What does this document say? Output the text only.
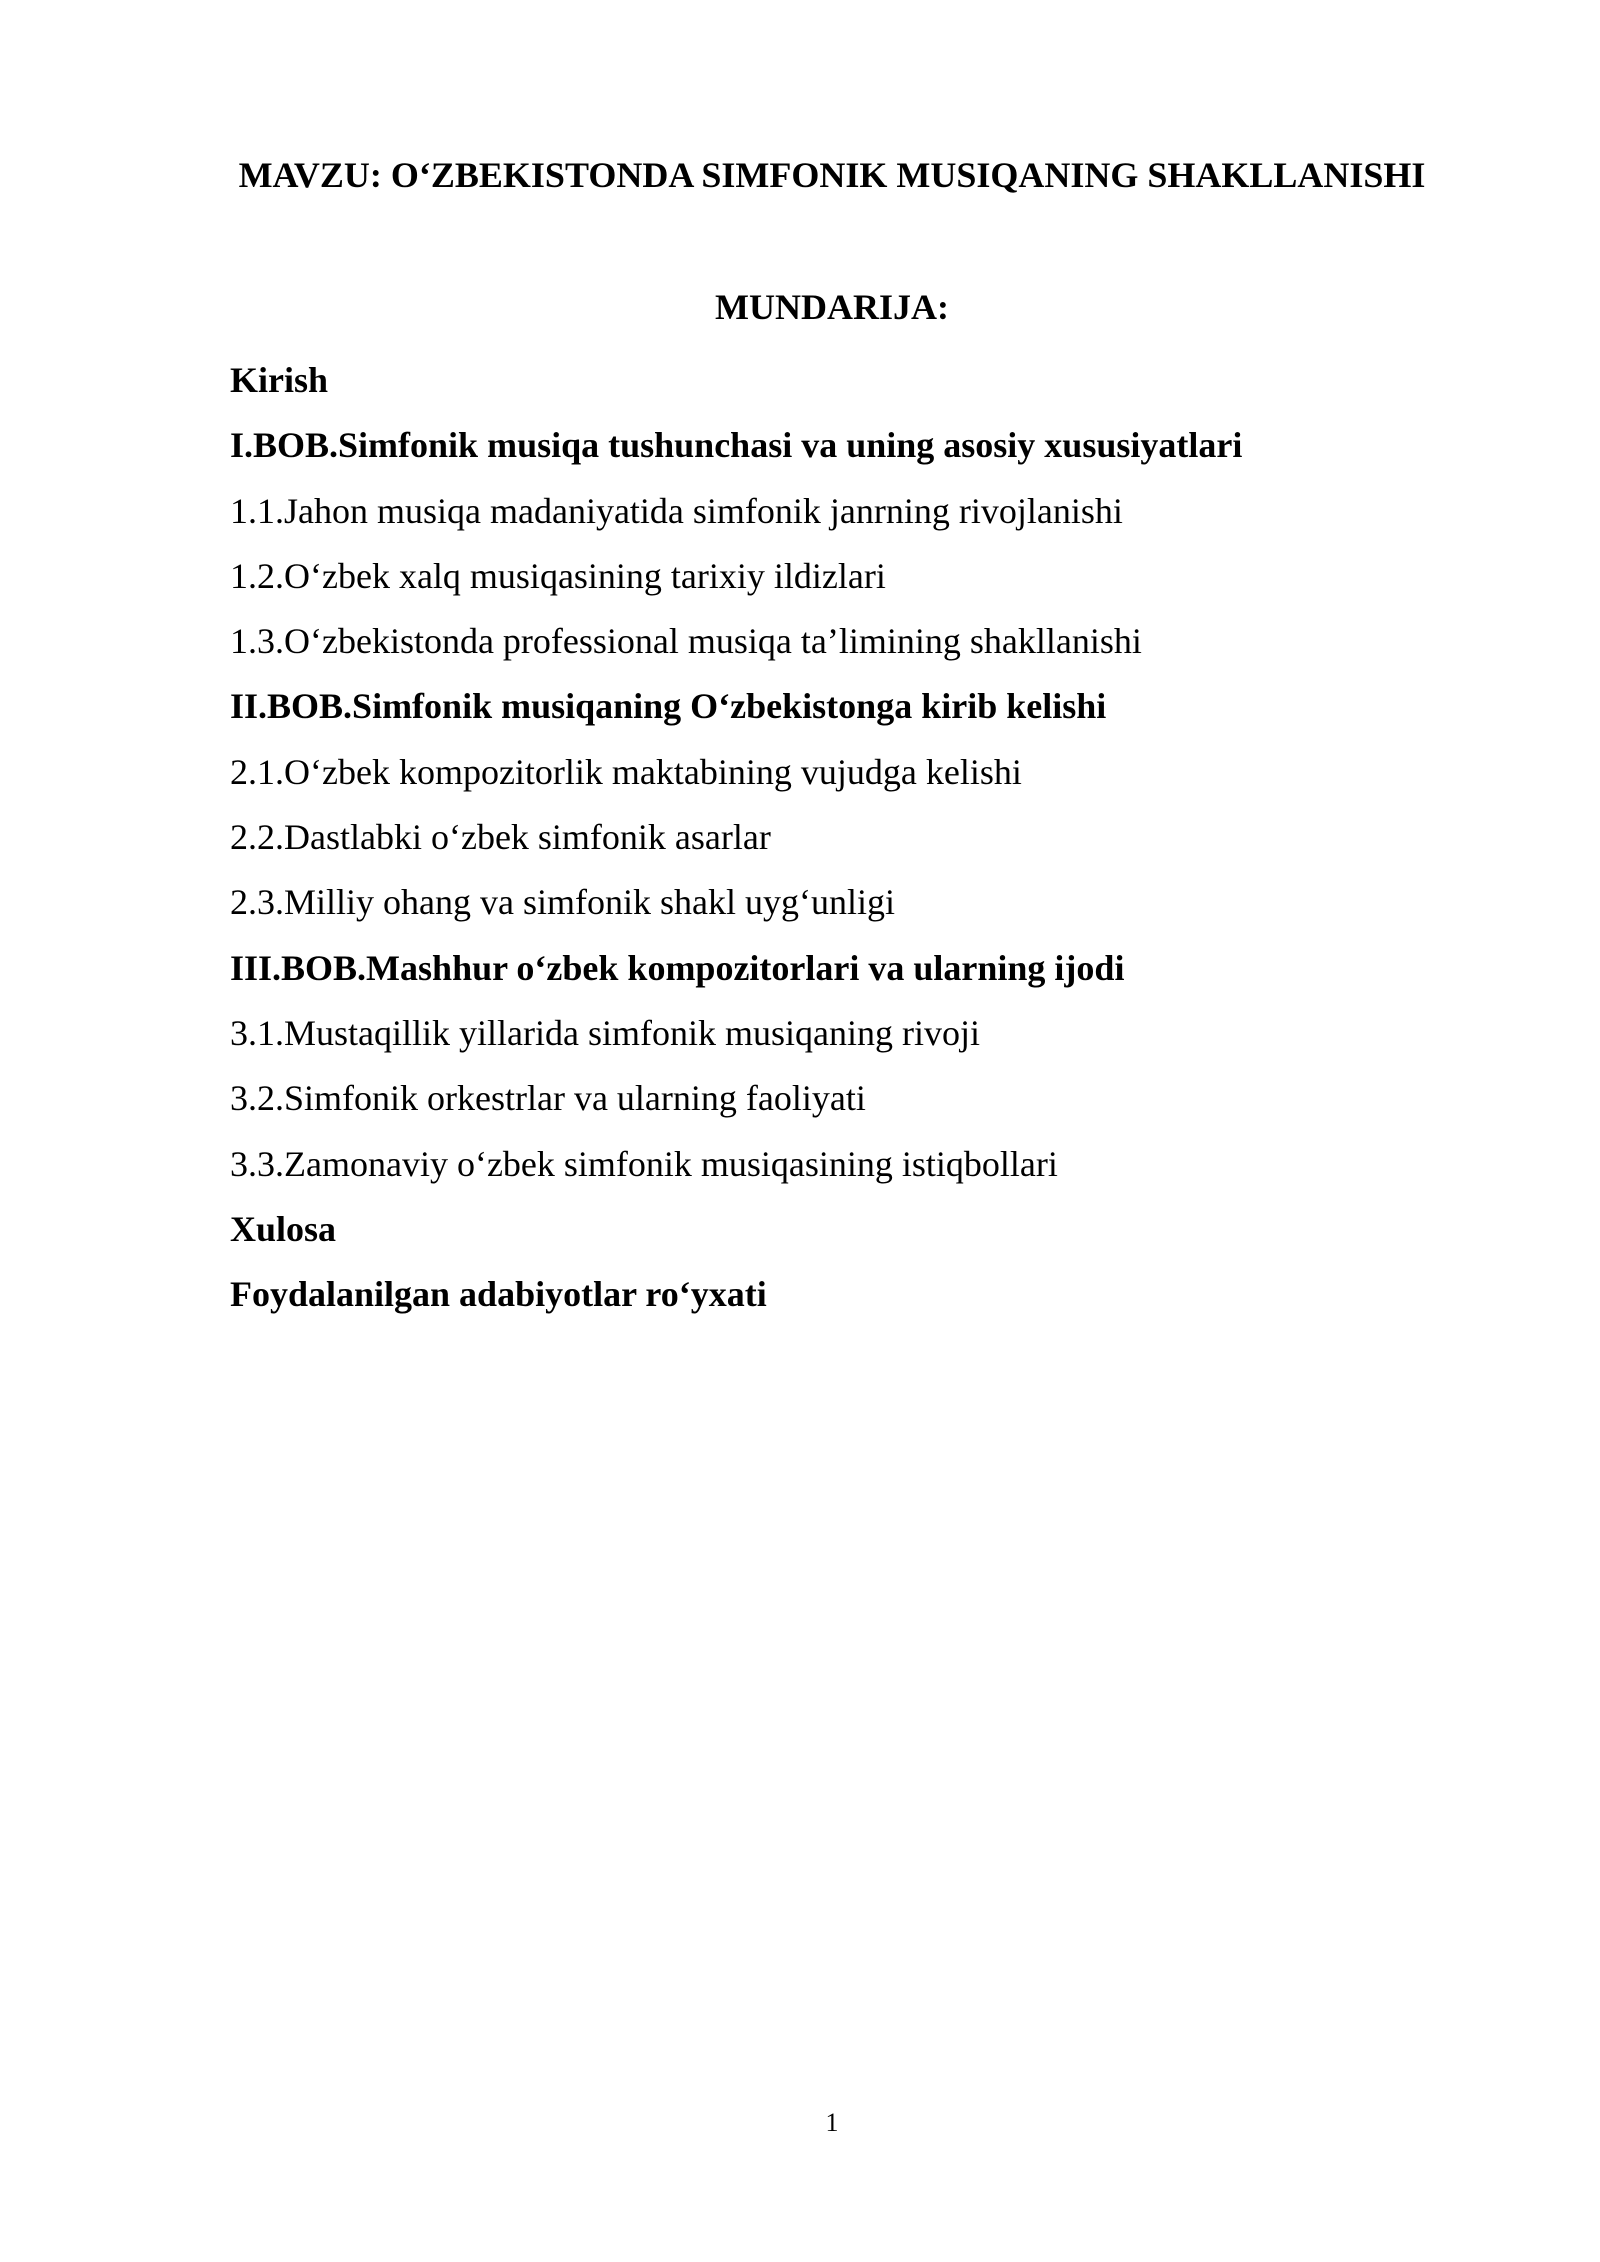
MAVZU: O‘ZBEKISTONDA SIMFONIK MUSIQANING SHAKLLANISHI
MUNDARIJA:
Kirish
I.BOB.Simfonik musiqa tushunchasi va uning asosiy xususiyatlari
1.1.Jahon musiqa madaniyatida simfonik janrning rivojlanishi
1.2.O‘zbek xalq musiqasining tarixiy ildizlari
1.3.O‘zbekistonda professional musiqa ta’limining shakllanishi
II.BOB.Simfonik musiqaning O‘zbekistonga kirib kelishi
2.1.O‘zbek kompozitorlik maktabining vujudga kelishi
2.2.Dastlabki o‘zbek simfonik asarlar
2.3.Milliy ohang va simfonik shakl uyg‘unligi
III.BOB.Mashhur o‘zbek kompozitorlari va ularning ijodi
3.1.Mustaqillik yillarida simfonik musiqaning rivoji
3.2.Simfonik orkestrlar va ularning faoliyati
3.3.Zamonaviy o‘zbek simfonik musiqasining istiqbollari
Xulosa
Foydalanilgan adabiyotlar ro‘yxati
1
